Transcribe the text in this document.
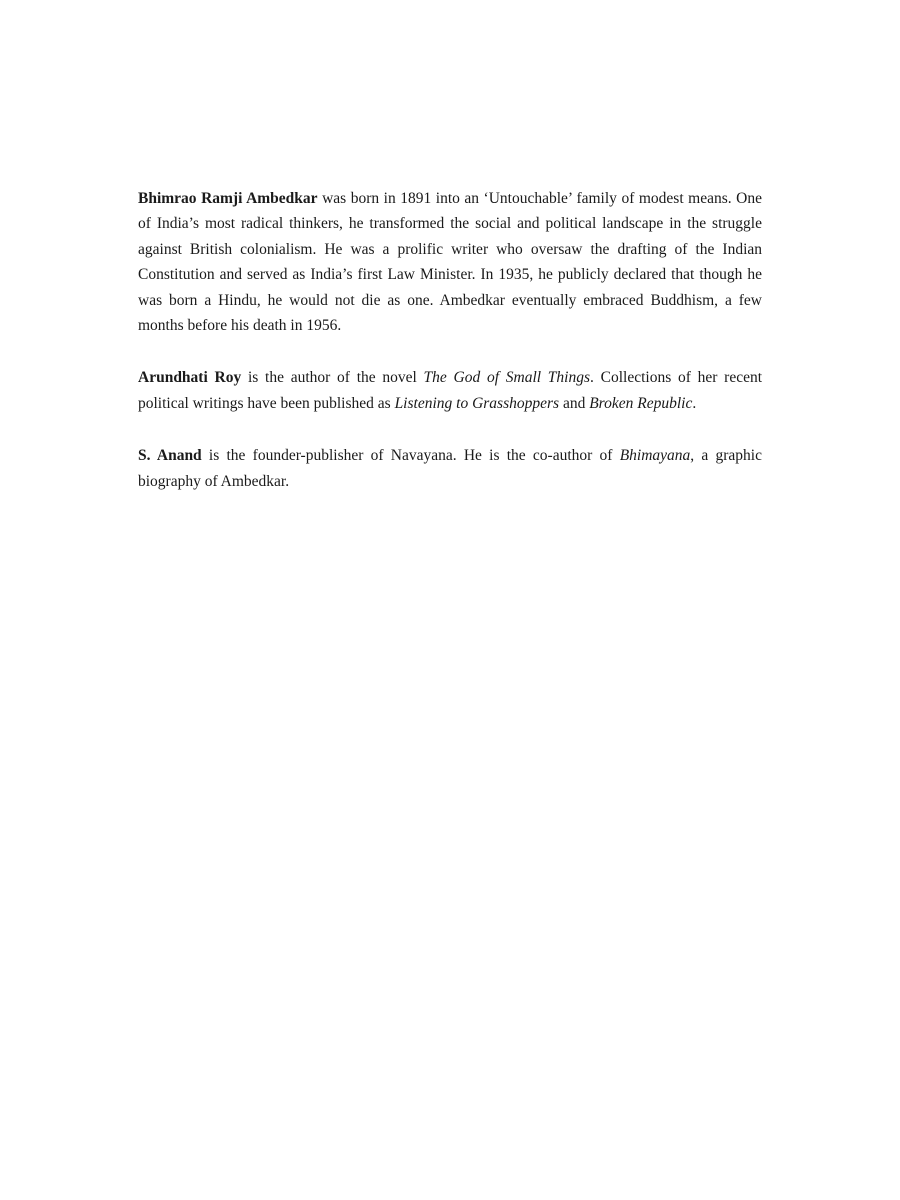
Bhimrao Ramji Ambedkar was born in 1891 into an ‘Untouchable’ family of modest means. One of India’s most radical thinkers, he transformed the social and political landscape in the struggle against British colonialism. He was a prolific writer who oversaw the drafting of the Indian Constitution and served as India’s first Law Minister. In 1935, he publicly declared that though he was born a Hindu, he would not die as one. Ambedkar eventually embraced Buddhism, a few months before his death in 1956.

Arundhati Roy is the author of the novel The God of Small Things. Collections of her recent political writings have been published as Listening to Grasshoppers and Broken Republic.

S. Anand is the founder-publisher of Navayana. He is the co-author of Bhimayana, a graphic biography of Ambedkar.
